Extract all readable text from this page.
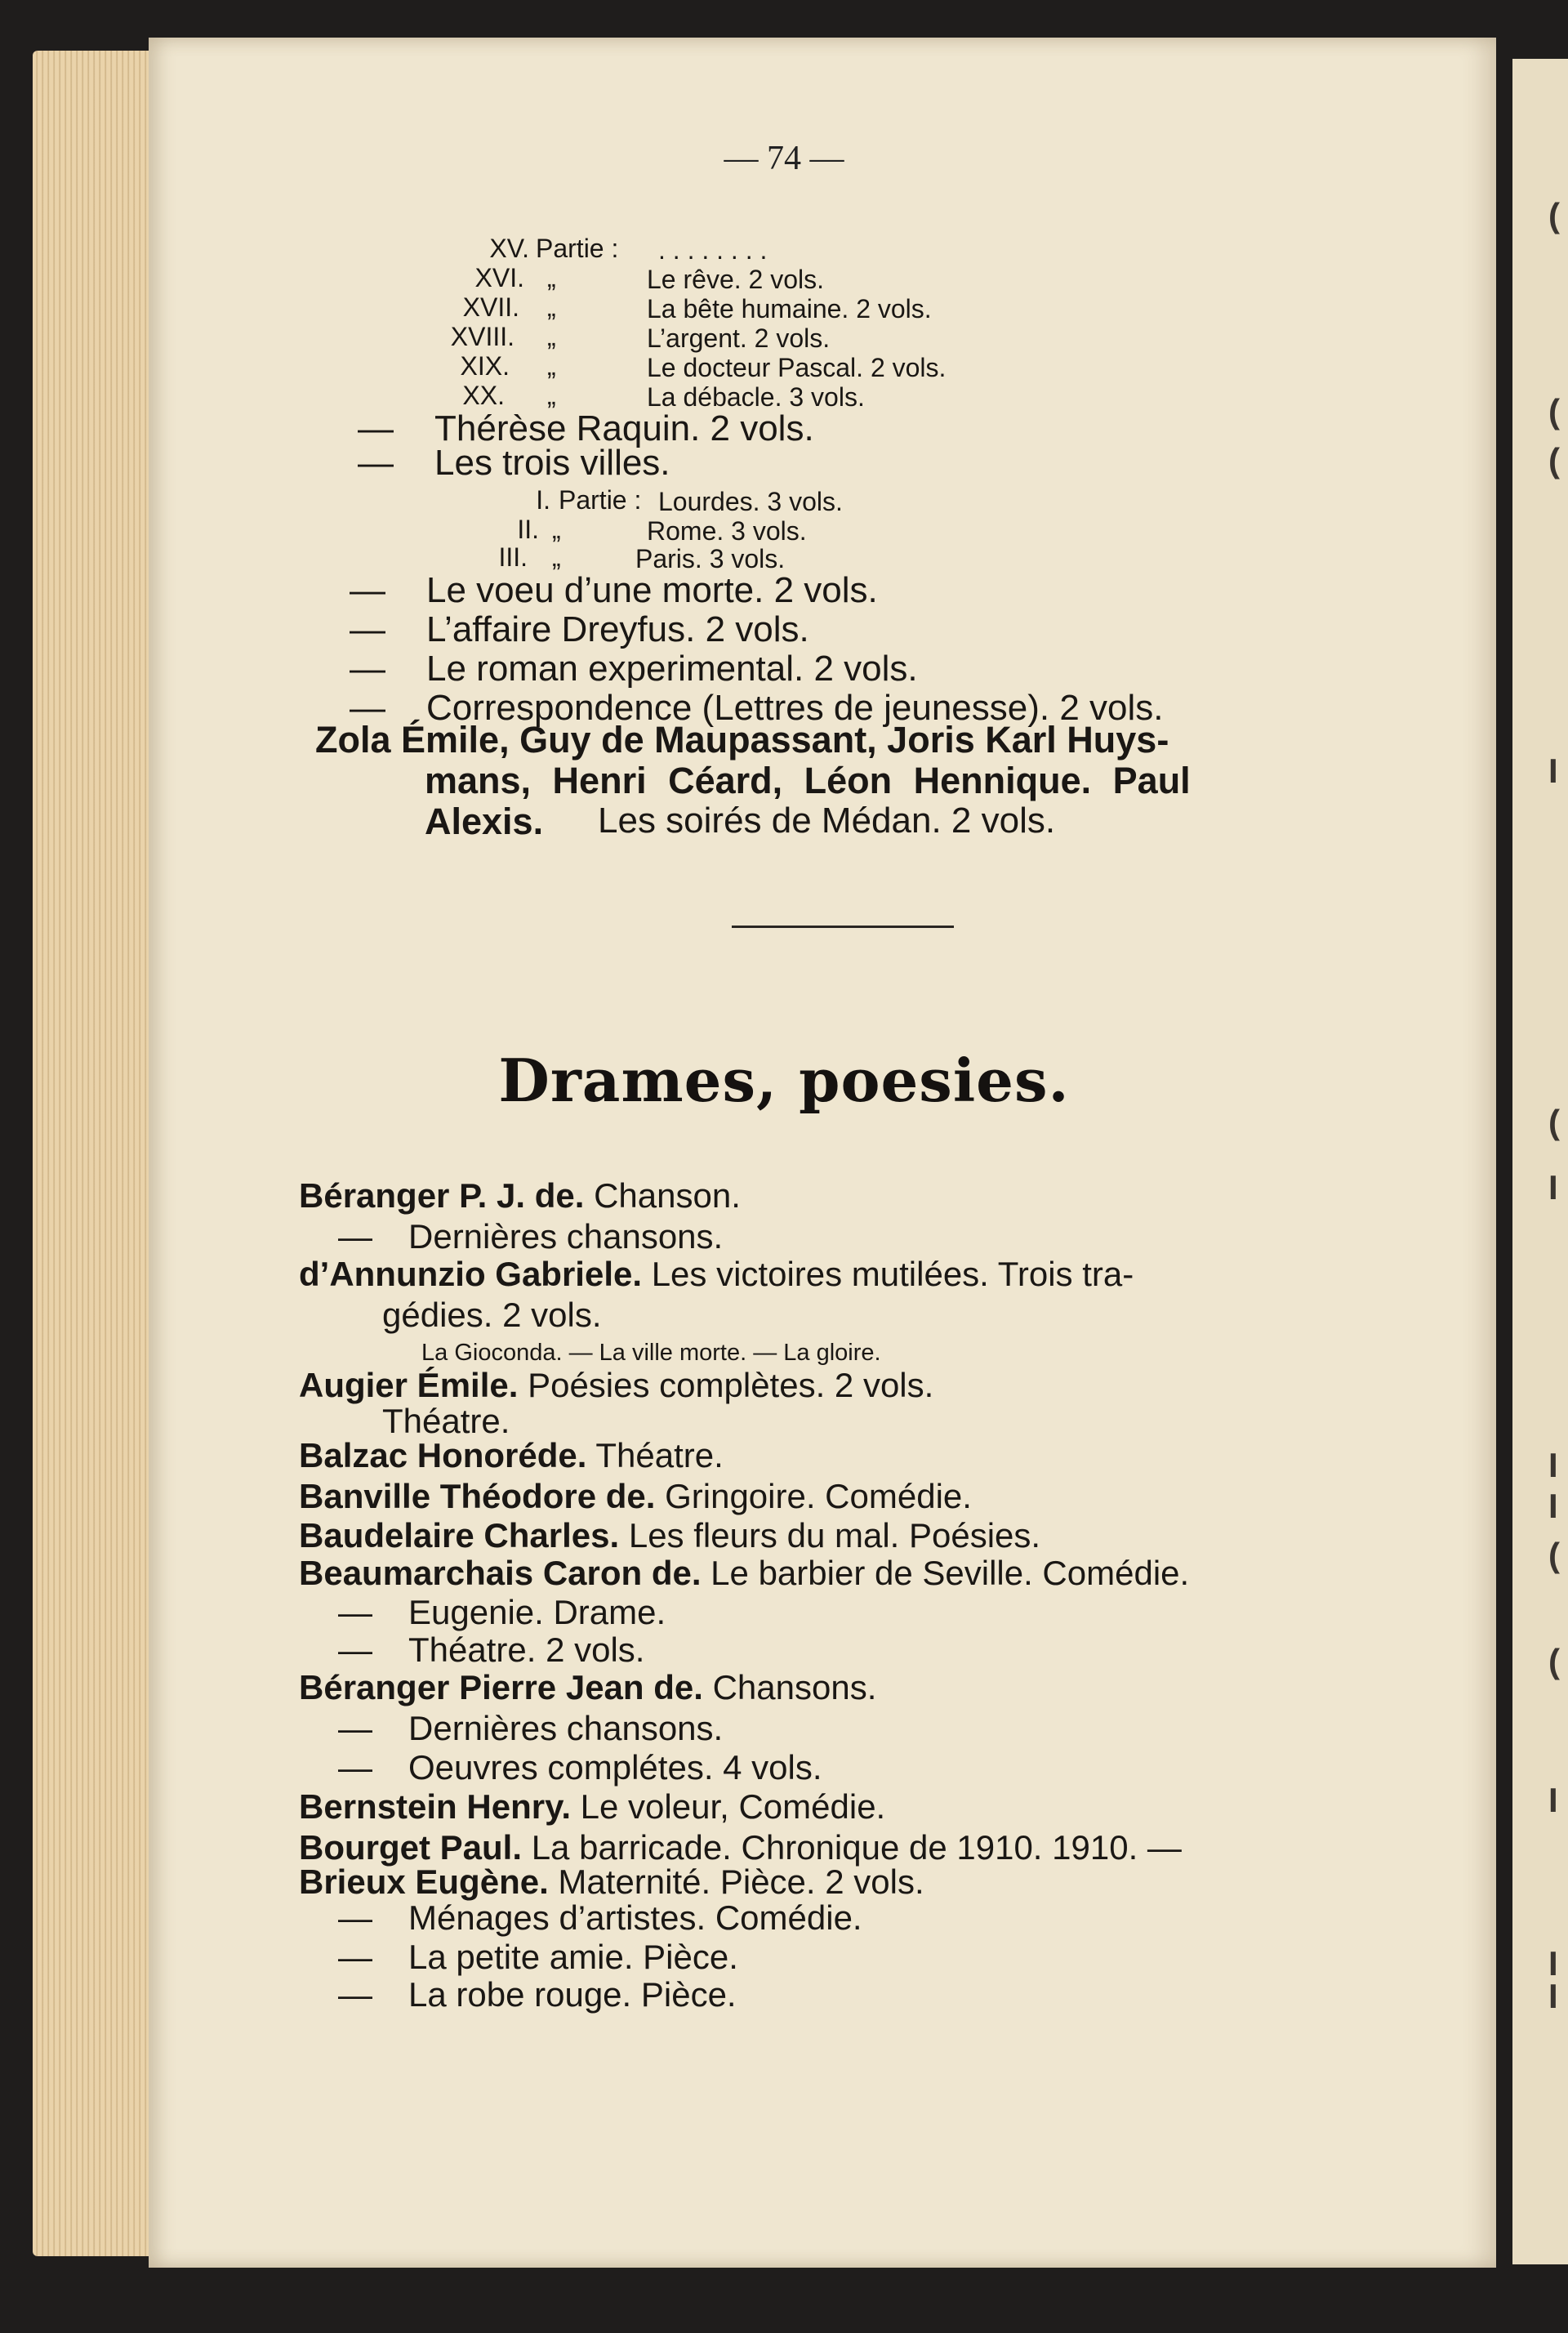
(
(
(
I
(
I
I
I
(
(
I
I
I
— 74 —
XV. Partie : . . . . . . . .
XVI. „	Le rêve. 2 vols.
XVII. „	La bête humaine. 2 vols.
XVIII. „	L’argent. 2 vols.
XIX. „	Le docteur Pascal. 2 vols.
XX. „	La débacle. 3 vols.
— Thérèse Raquin. 2 vols.
— Les trois villes.
I. Partie : Lourdes. 3 vols.
II. „	Rome. 3 vols.
III. „	Paris. 3 vols.
— Le voeu d’une morte. 2 vols.
— L’affaire Dreyfus. 2 vols.
— Le roman experimental. 2 vols.
— Correspondence (Lettres de jeunesse). 2 vols.
Zola Émile, Guy de Maupassant, Joris Karl Huys-
mans, Henri Céard, Léon Hennique. Paul
Alexis. Les soirés de Médan. 2 vols.
Béranger P. J. de. Chanson.
— Dernières chansons.
d’Annunzio Gabriele. Les victoires mutilées. Trois tra-
gédies. 2 vols.
La Gioconda. — La ville morte. — La gloire.
Augier Émile. Poésies complètes. 2 vols.
Théatre.
Balzac Honoréde. Théatre.
Banville Théodore de. Gringoire. Comédie.
Baudelaire Charles. Les fleurs du mal. Poésies.
Beaumarchais Caron de. Le barbier de Seville. Comédie.
— Eugenie. Drame.
— Théatre. 2 vols.
Béranger Pierre Jean de. Chansons.
— Dernières chansons.
— Oeuvres complétes. 4 vols.
Bernstein Henry. Le voleur, Comédie.
Bourget Paul. La barricade. Chronique de 1910. 1910. —
Brieux Eugène. Maternité. Pièce. 2 vols.
— Ménages d’artistes. Comédie.
— La petite amie. Pièce.
— La robe rouge. Pièce.
Drames, poesies.
